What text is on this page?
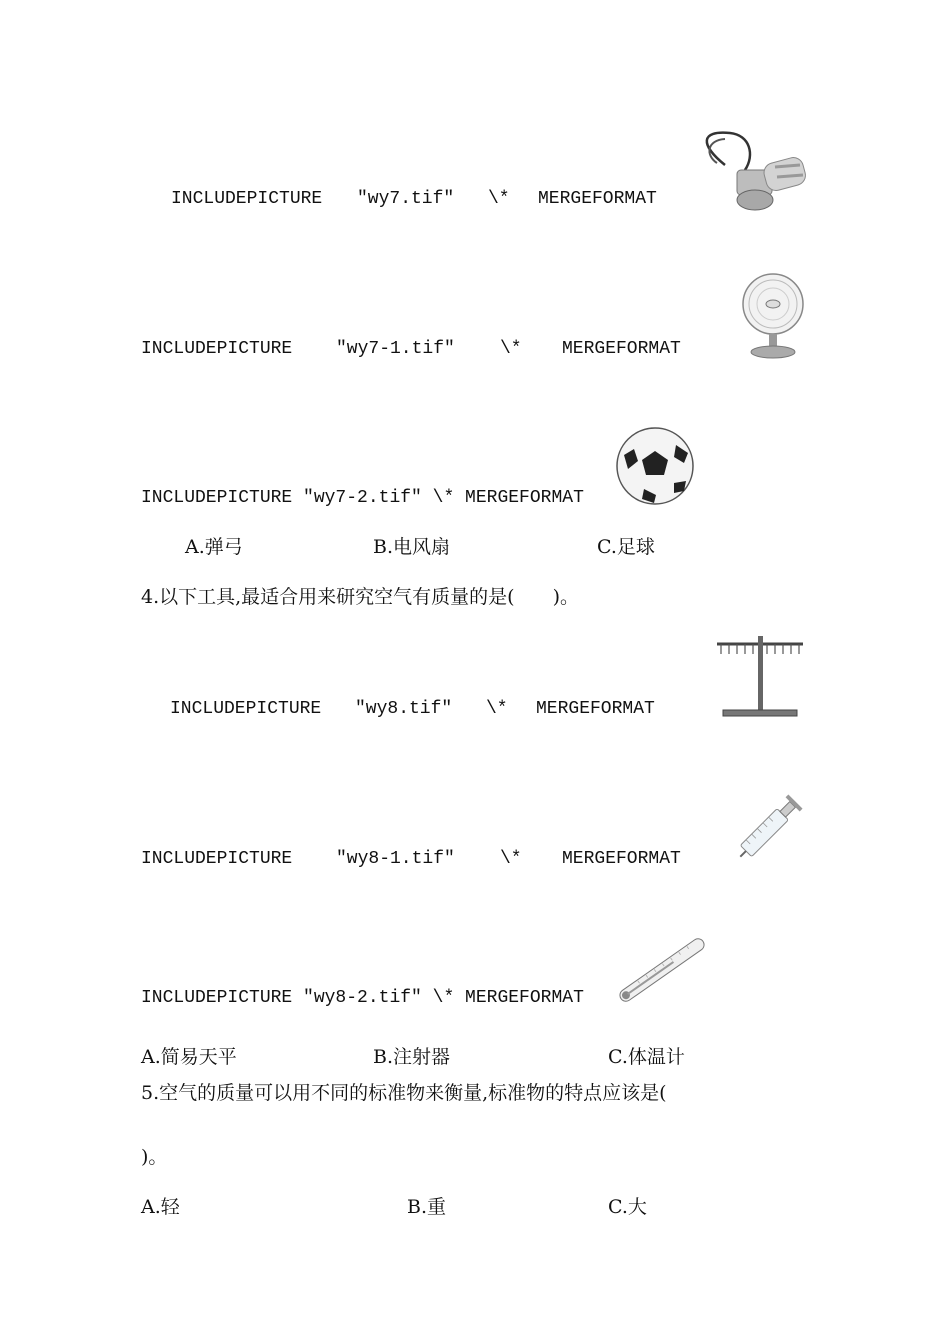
INCLUDEPICTURE "wy7.tif" \* MERGEFORMAT
INCLUDEPICTURE "wy7-1.tif"	\* MERGEFORMAT
INCLUDEPICTURE "wy7-2.tif" \* MERGEFORMAT
A.弹弓	B.电风扇	C.足球
4.以下工具,最适合用来研究空气有质量的是(　　)。
INCLUDEPICTURE "wy8.tif" \* MERGEFORMAT
INCLUDEPICTURE "wy8-1.tif"	\* MERGEFORMAT
INCLUDEPICTURE "wy8-2.tif" \* MERGEFORMAT
A.简易天平	B.注射器	C.体温计
5.空气的质量可以用不同的标准物来衡量,标准物的特点应该是(
)。
A.轻	B.重	C.大
